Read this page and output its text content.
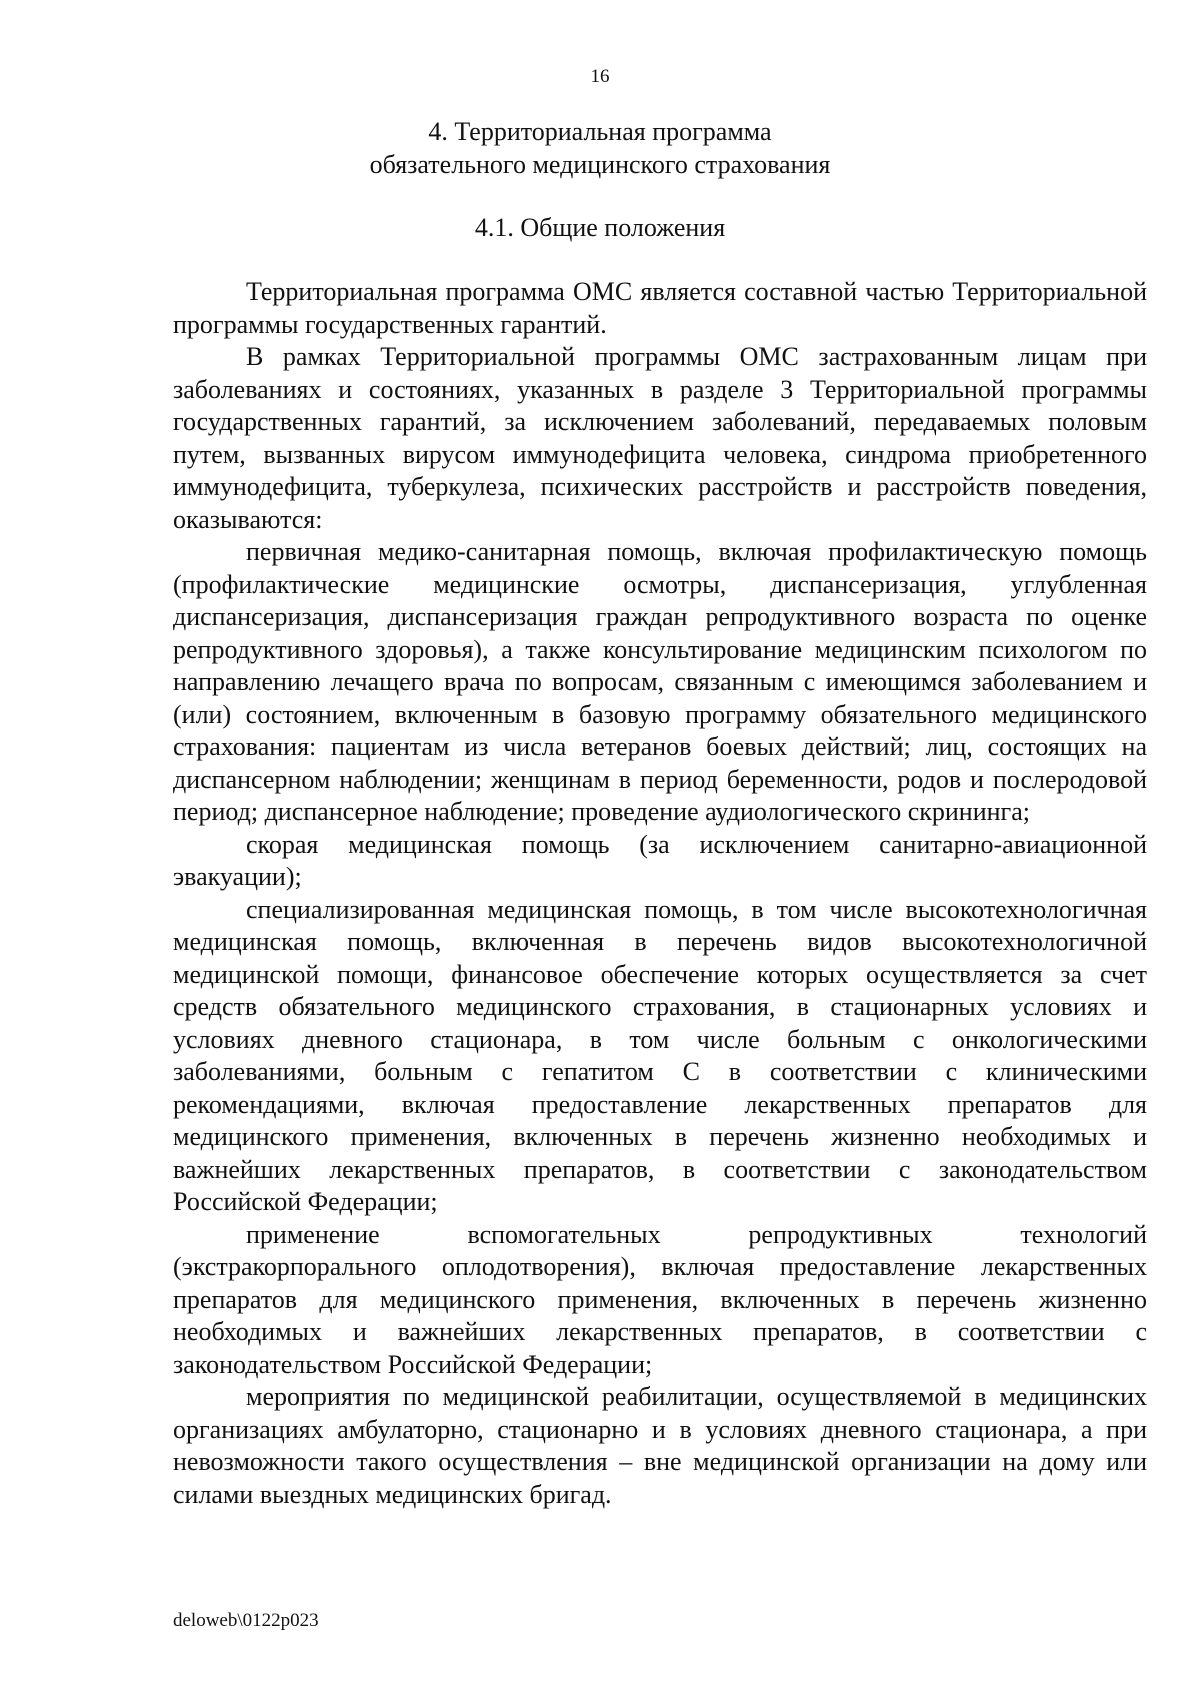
16
4. Территориальная программа
обязательного медицинского страхования
4.1. Общие положения

Территориальная программа ОМС является составной частью Территориальной программы государственных гарантий.

В рамках Территориальной программы ОМС застрахованным лицам при заболеваниях и состояниях, указанных в разделе 3 Территориальной программы государственных гарантий, за исключением заболеваний, передаваемых половым путем, вызванных вирусом иммунодефицита человека, синдрома приобретенного иммунодефицита, туберкулеза, психических расстройств и расстройств поведения, оказываются:

первичная медико-санитарная помощь, включая профилактическую помощь (профилактические медицинские осмотры, диспансеризация, углубленная диспансеризация, диспансеризация граждан репродуктивного возраста по оценке репродуктивного здоровья), а также консультирование медицинским психологом по направлению лечащего врача по вопросам, связанным с имеющимся заболеванием и (или) состоянием, включенным в базовую программу обязательного медицинского страхования: пациентам из числа ветеранов боевых действий; лиц, состоящих на диспансерном наблюдении; женщинам в период беременности, родов и послеродовой период; диспансерное наблюдение; проведение аудиологического скрининга;

скорая медицинская помощь (за исключением санитарно-авиационной эвакуации);

специализированная медицинская помощь, в том числе высокотехнологичная медицинская помощь, включенная в перечень видов высокотехнологичной медицинской помощи, финансовое обеспечение которых осуществляется за счет средств обязательного медицинского страхования, в стационарных условиях и условиях дневного стационара, в том числе больным с онкологическими заболеваниями, больным с гепатитом С в соответствии с клиническими рекомендациями, включая предоставление лекарственных препаратов для медицинского применения, включенных в перечень жизненно необходимых и важнейших лекарственных препаратов, в соответствии с законодательством Российской Федерации;

применение вспомогательных репродуктивных технологий (экстракорпорального оплодотворения), включая предоставление лекарственных препаратов для медицинского применения, включенных в перечень жизненно необходимых и важнейших лекарственных препаратов, в соответствии с законодательством Российской Федерации;

мероприятия по медицинской реабилитации, осуществляемой в медицинских организациях амбулаторно, стационарно и в условиях дневного стационара, а при невозможности такого осуществления – вне медицинской организации на дому или силами выездных медицинских бригад.

deloweb\0122p023
